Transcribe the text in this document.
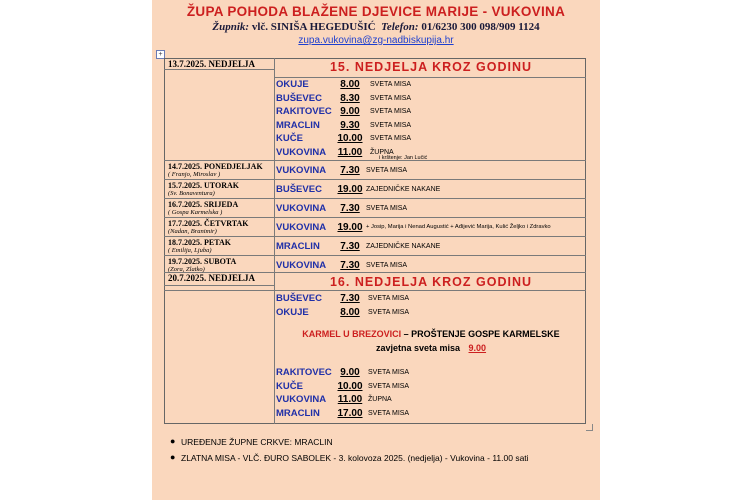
ŽUPA POHODA BLAŽENE DJEVICE MARIJE - VUKOVINA
Župnik: vlč. SINIŠA HEGEDUŠIĆ Telefon: 01/6230 300 098/909 1124
zupa.vukovina@zg-nadbiskupija.hr
+
13.7.2025. NEDJELJA	15. NEDJELJA KROZ GODINU
OKUJE	8.00	SVETA MISA
BUŠEVEC	8.30	SVETA MISA
RAKITOVEC 9.00	SVETA MISA
MRACLIN	9.30	SVETA MISA
KUČE	10.00	SVETA MISA
VUKOVINA	11.00	ŽUPNA
i krštenje: Jan Lučić
14.7.2025. PONEDJELJAK
( Franjo, Miroslav )	VUKOVINA	7.30 SVETA MISA
15.7.2025. UTORAK
(Sv. Bonaventura)	BUŠEVEC	19.00 ZAJEDNIČKE NAKANE
16.7.2025. SRIJEDA
( Gospa Karmelska )	VUKOVINA	7.30 SVETA MISA
17.7.2025. ČETVRTAK
(Nadan, Branimir)	VUKOVINA	19.00 + Josip, Marija i Nenad Augustić + Ađijević Marija, Kulić Željko i Zdravko
18.7.2025. PETAK
( Emilija, Ljuba)	MRACLIN	7.30 ZAJEDNIČKE NAKANE
19.7.2025. SUBOTA
(Zora, Zlatko)	VUKOVINA	7.30 SVETA MISA
20.7.2025. NEDJELJA	16. NEDJELJA KROZ GODINU
BUŠEVEC	7.30	SVETA MISA
OKUJE	8.00	SVETA MISA
KARMEL U BREZOVICI – PROŠTENJE GOSPE KARMELSKE
zavjetna sveta misa 9.00
RAKITOVEC 9.00	SVETA MISA
KUČE	10.00 SVETA MISA
VUKOVINA	11.00 ŽUPNA
MRACLIN	17.00 SVETA MISA
● UREĐENJE ŽUPNE CRKVE: MRACLIN
● ZLATNA MISA - VLČ. ĐURO SABOLEK - 3. kolovoza 2025. (nedjelja) - Vukovina - 11.00 sati
